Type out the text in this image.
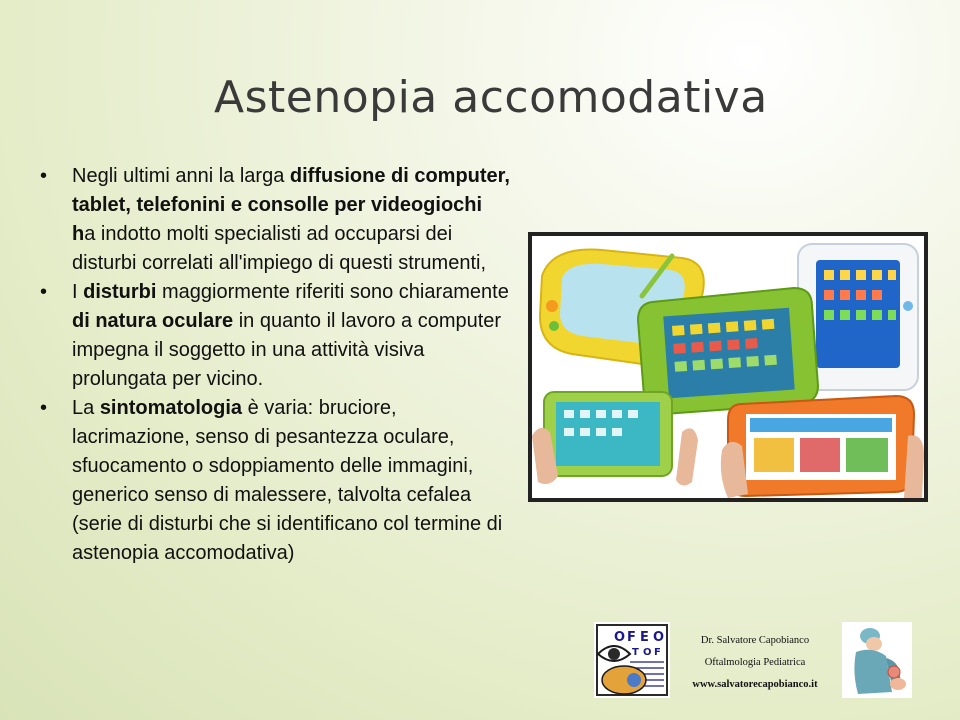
Astenopia accomodativa
• Negli ultimi anni la larga diffusione di computer, tablet, telefonini e consolle per videogiochi ha indotto molti specialisti ad occuparsi dei disturbi correlati all'impiego di questi strumenti,
• I disturbi maggiormente riferiti sono chiaramente di natura oculare in quanto il lavoro a computer impegna il soggetto in una attività visiva prolungata per vicino.
• La sintomatologia è varia: bruciore, lacrimazione, senso di pesantezza oculare, sfuocamento o sdoppiamento delle immagini, generico senso di malessere, talvolta cefalea (serie di disturbi che si identificano col termine di astenopia accomodativa)
O F E O
T O F
Dr. Salvatore Capobianco
Oftalmologia Pediatrica
www.salvatorecapobianco.it
